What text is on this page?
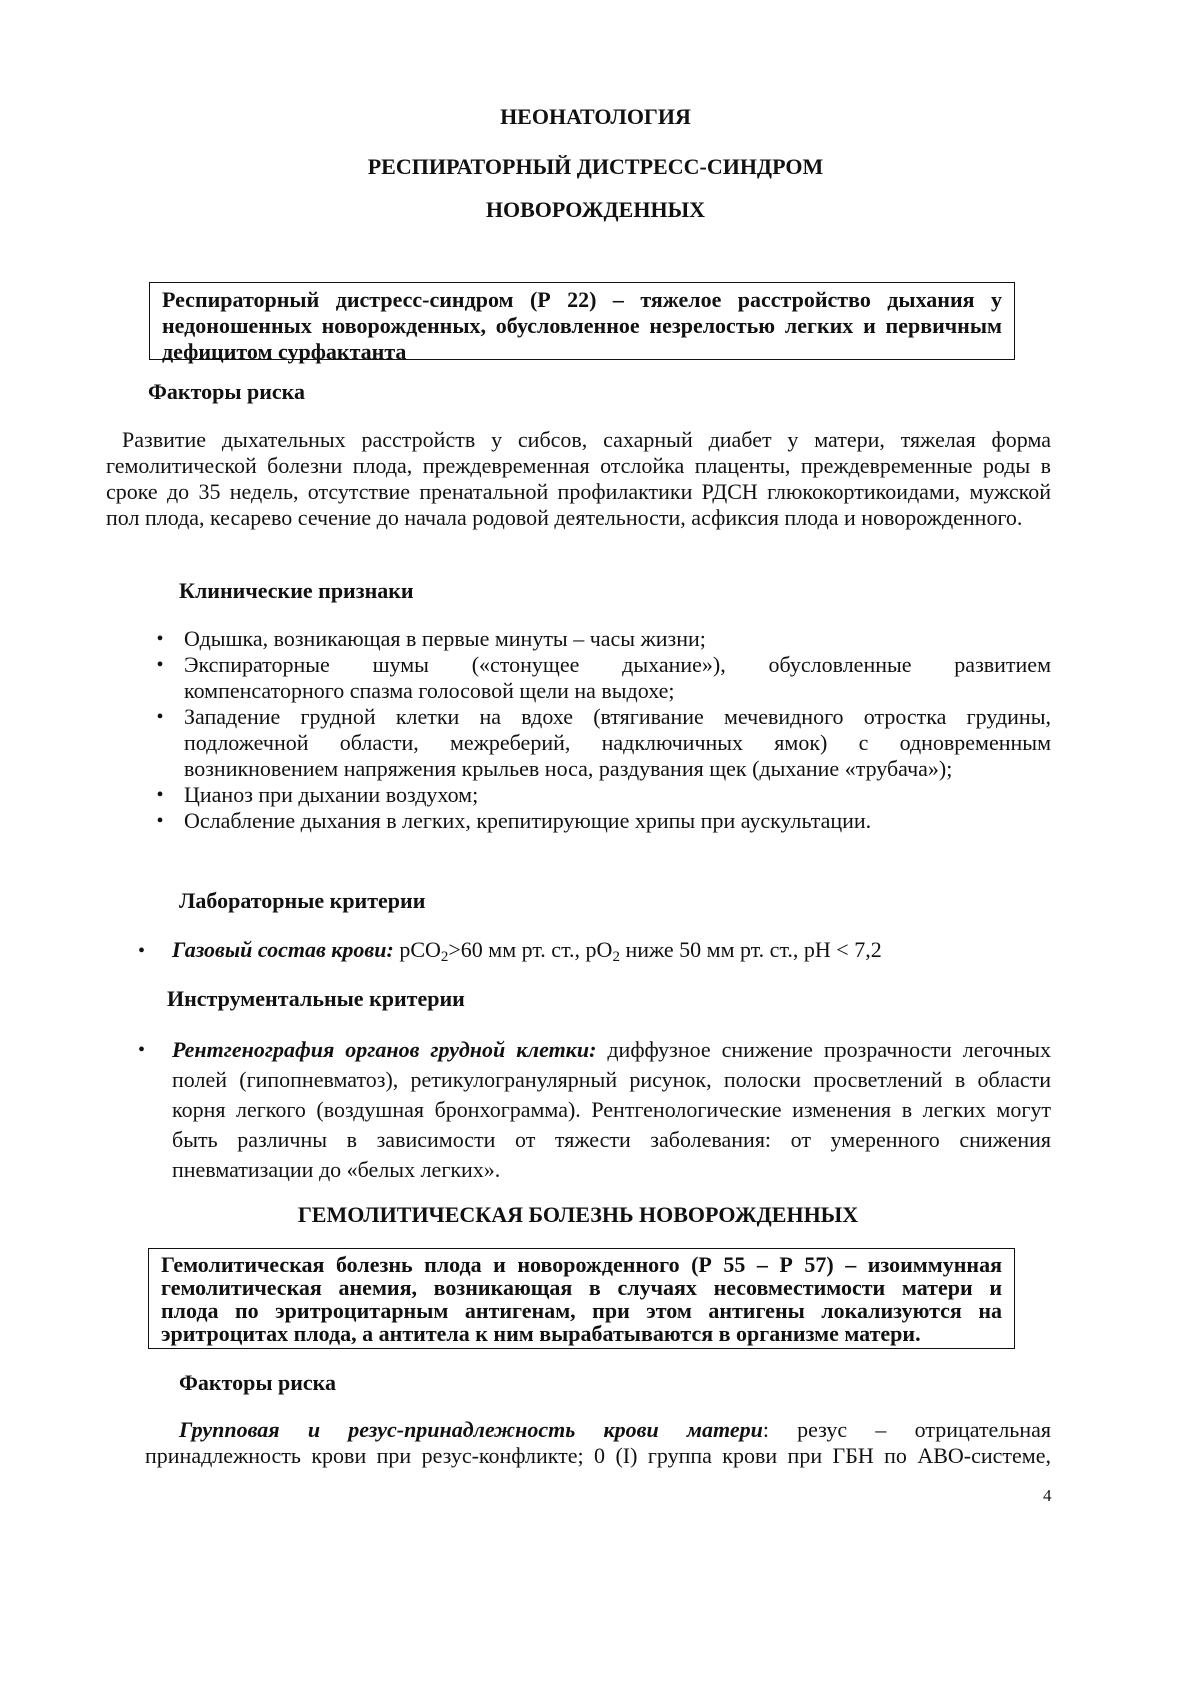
НЕОНАТОЛОГИЯ
РЕСПИРАТОРНЫЙ ДИСТРЕСС-СИНДРОМ
НОВОРОЖДЕННЫХ
Респираторный дистресс-синдром (Р 22) – тяжелое расстройство дыхания у
недоношенных новорожденных, обусловленное незрелостью легких и первичным
дефицитом сурфактанта
Факторы риска
Развитие дыхательных расстройств у сибсов, сахарный диабет у матери, тяжелая форма
гемолитической болезни плода, преждевременная отслойка плаценты, преждевременные роды в
сроке до 35 недель, отсутствие пренатальной профилактики РДСН глюкокортикоидами, мужской
пол плода, кесарево сечение до начала родовой деятельности, асфиксия плода и новорожденного.
Клинические признаки
• Одышка, возникающая в первые минуты – часы жизни;
• Экспираторные шумы («стонущее дыхание»), обусловленные развитием
компенсаторного спазма голосовой щели на выдохе;
• Западение грудной клетки на вдохе (втягивание мечевидного отростка грудины,
подложечной области, межреберий, надключичных ямок) с одновременным
возникновением напряжения крыльев носа, раздувания щек (дыхание «трубача»);
• Цианоз при дыхании воздухом;
• Ослабление дыхания в легких, крепитирующие хрипы при аускультации.
Лабораторные критерии
• Газовый состав крови: pCO$_2$>60 мм рт. ст., $pO_2$ ниже 50 мм рт. ст., pH < 7,2
Инструментальные критерии
• Рентгенография органов грудной клетки: диффузное снижение прозрачности легочных
полей (гипопневматоз), ретикулогранулярный рисунок, полоски просветлений в области
корня легкого (воздушная бронхограмма). Рентгенологические изменения в легких могут
быть различны в зависимости от тяжести заболевания: от умеренного снижения
пневматизации до «белых легких».
ГЕМОЛИТИЧЕСКАЯ БОЛЕЗНЬ НОВОРОЖДЕННЫХ
Гемолитическая болезнь плода и новорожденного (Р 55 – Р 57) – изоиммунная
гемолитическая анемия, возникающая в случаях несовместимости матери и
плода по эритроцитарным антигенам, при этом антигены локализуются на
эритроцитах плода, а антитела к ним вырабатываются в организме матери.
Факторы риска
Групповая и резус-принадлежность крови матери: резус – отрицательная
принадлежность крови при резус-конфликте; 0 (I) группа крови при ГБН по АВО-системе,
4
